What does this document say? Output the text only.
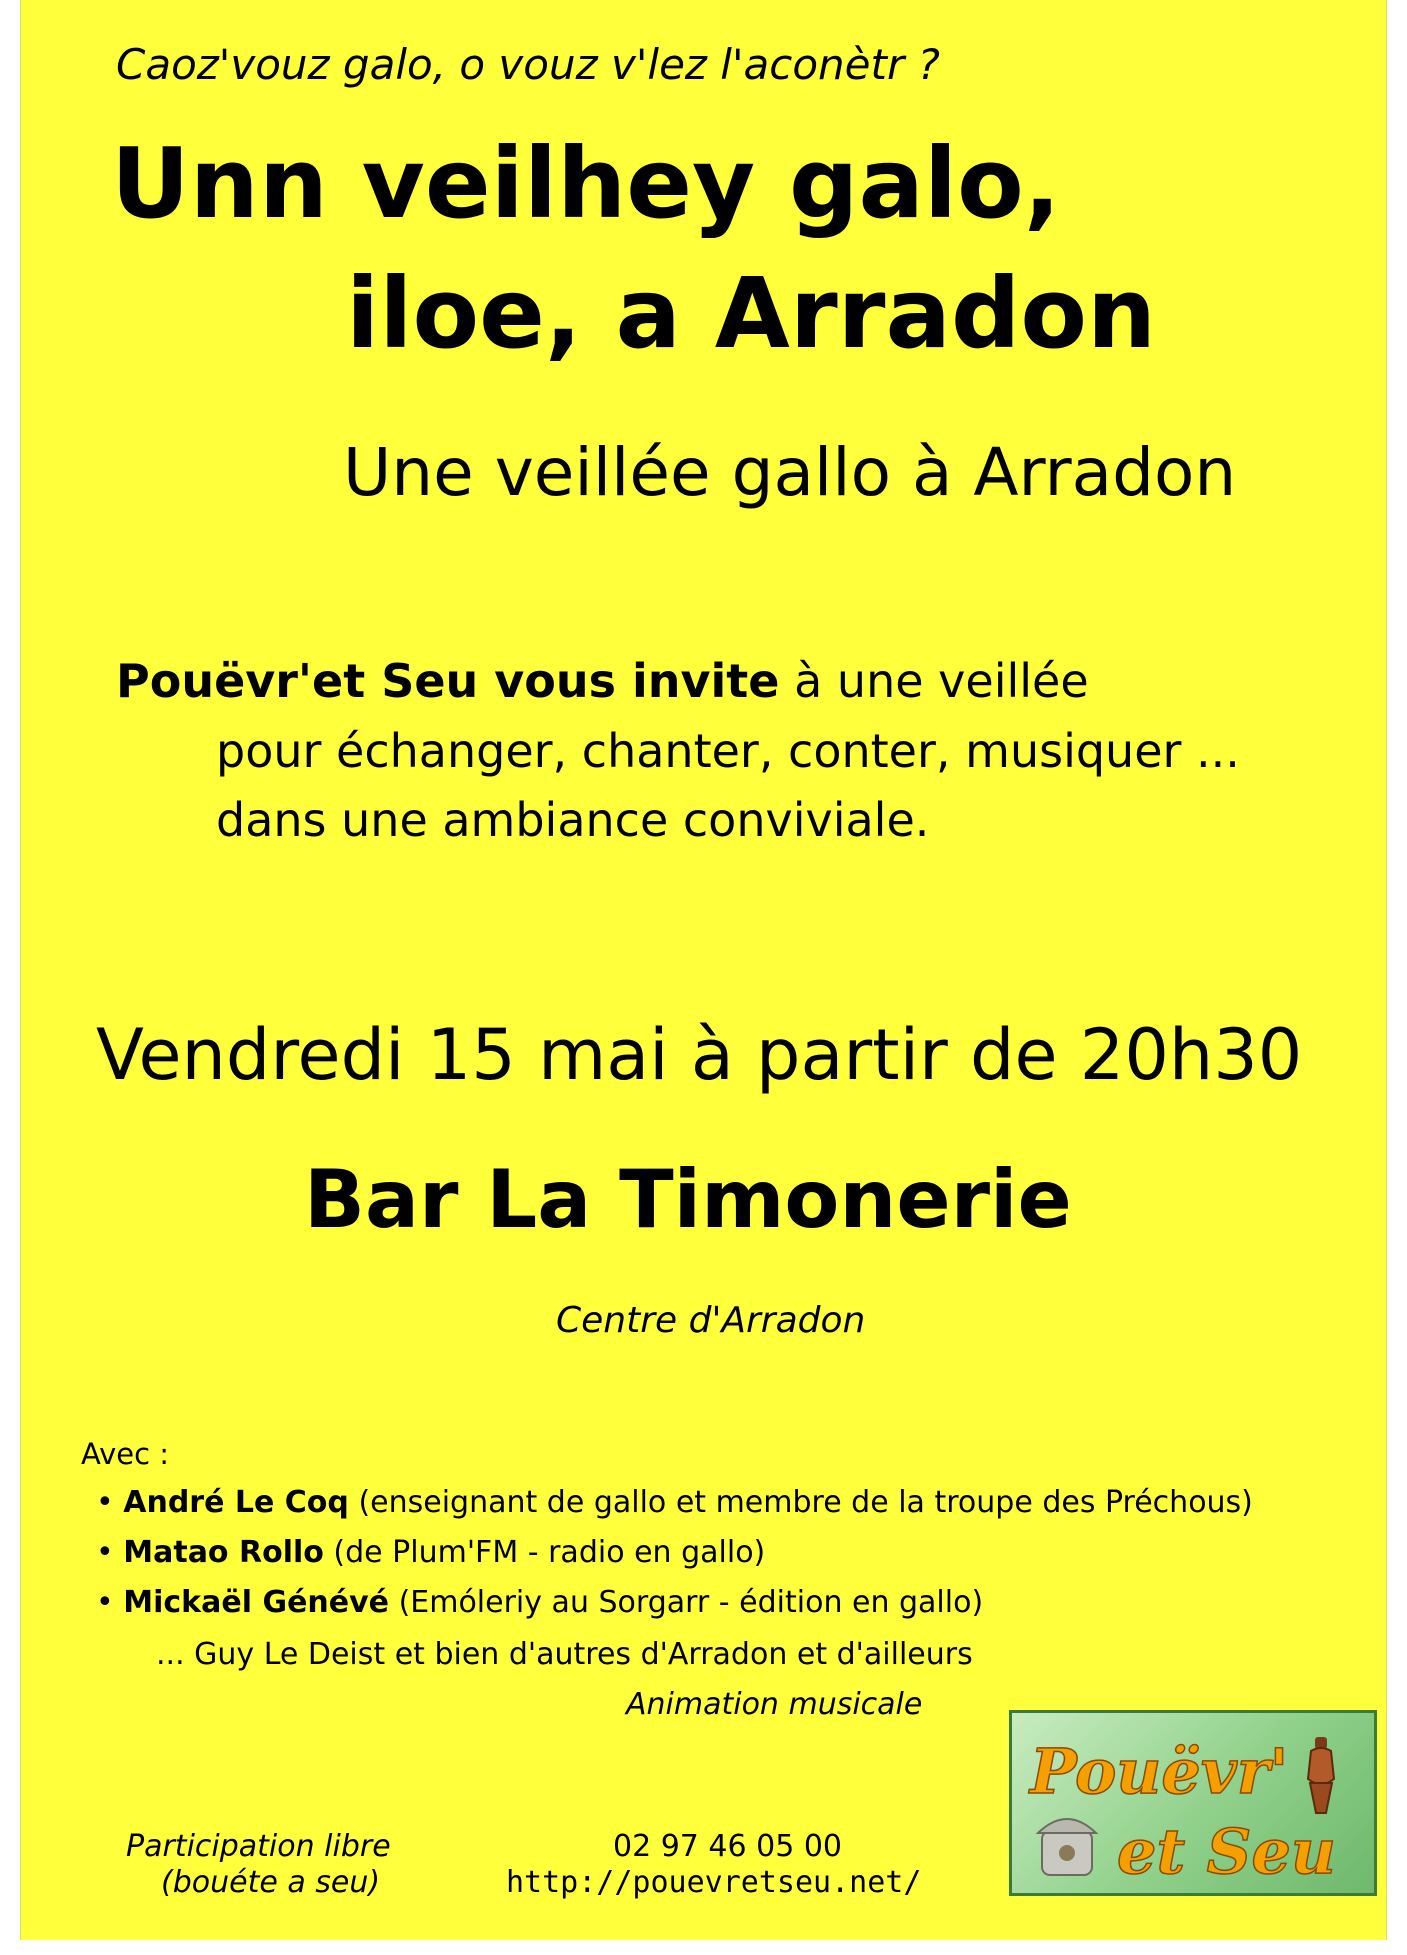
Caoz'vouz galo, o vouz v'lez l'aconètr ?
Unn veilhey galo,
iloe, a Arradon
Une veillée gallo à Arradon
Pouëvr'et Seu vous invite à une veillée
pour échanger, chanter, conter, musiquer ...
dans une ambiance conviviale.
Vendredi 15 mai à partir de 20h30
Bar La Timonerie
Centre d'Arradon
Avec :
• André Le Coq (enseignant de gallo et membre de la troupe des Préchous)
• Matao Rollo (de Plum'FM - radio en gallo)
• Mickaël Génévé (Emóleriy au Sorgarr - édition en gallo)
... Guy Le Deist et bien d'autres d'Arradon et d'ailleurs
Animation musicale
Participation libre
(bouéte a seu)
02 97 46 05 00
http://pouevretseu.net/
Pouëvr'
et Seu
